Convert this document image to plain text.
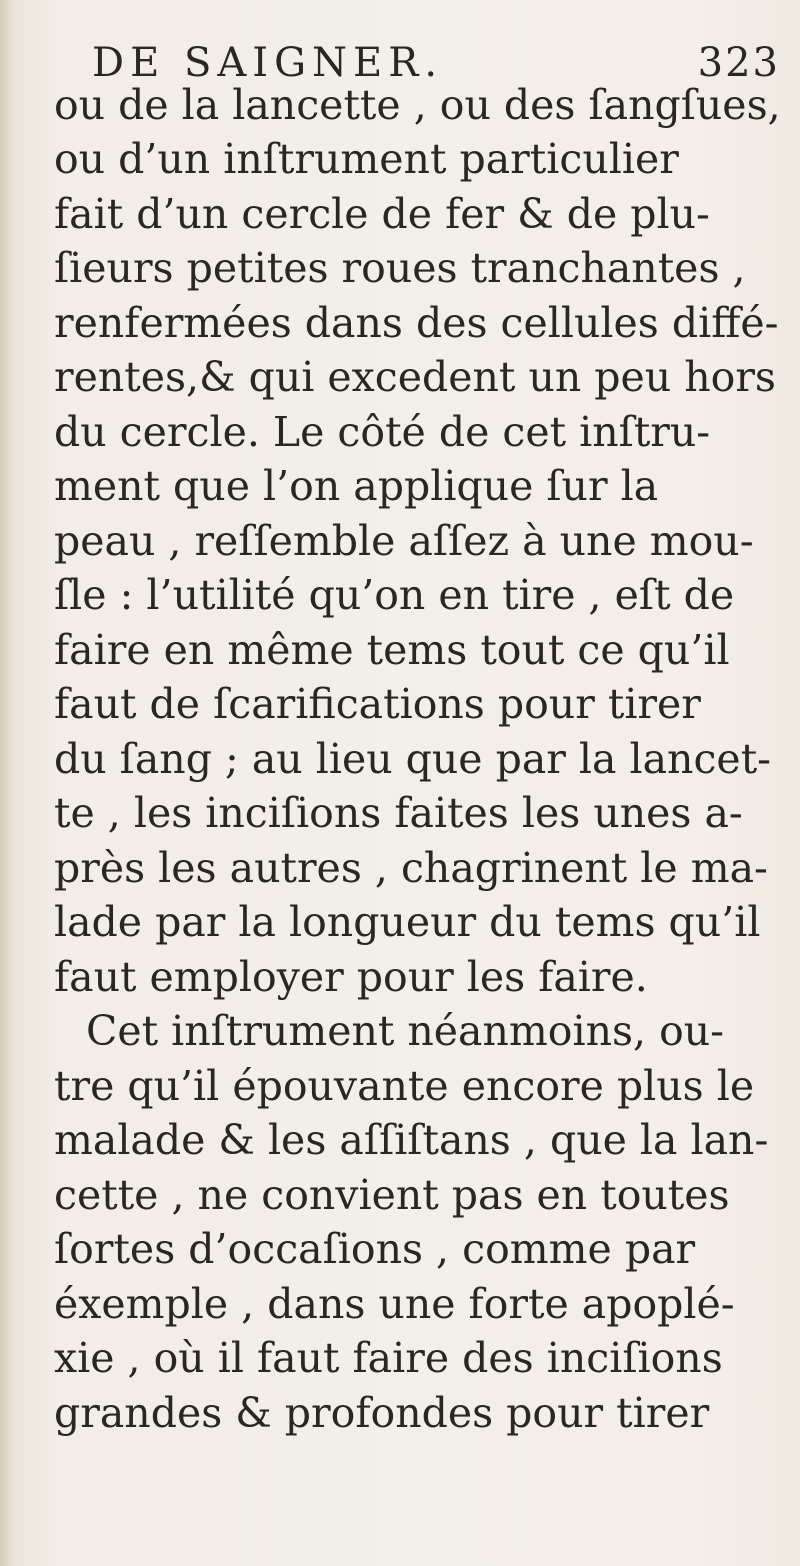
DE SAIGNER.	323
ou de la lancette , ou des ſangſues,
ou d’un inſtrument particulier
fait d’un cercle de fer & de plu-
ſieurs petites roues tranchantes ,
renfermées dans des cellules diffé-
rentes,& qui excedent un peu hors
du cercle. Le côté de cet inſtru-
ment que l’on applique ſur la
peau , reſſemble aſſez à une mou-
ſle : l’utilité qu’on en tire , eſt de
faire en même tems tout ce qu’il
faut de ſcarifications pour tirer
du ſang ; au lieu que par la lancet-
te , les inciſions faites les unes a-
près les autres , chagrinent le ma-
lade par la longueur du tems qu’il
faut employer pour les faire.
Cet inſtrument néanmoins, ou-
tre qu’il épouvante encore plus le
malade & les aſſiſtans , que la lan-
cette , ne convient pas en toutes
ſortes d’occaſions , comme par
éxemple , dans une forte apoplé-
xie , où il faut faire des inciſions
grandes & profondes pour tirer
